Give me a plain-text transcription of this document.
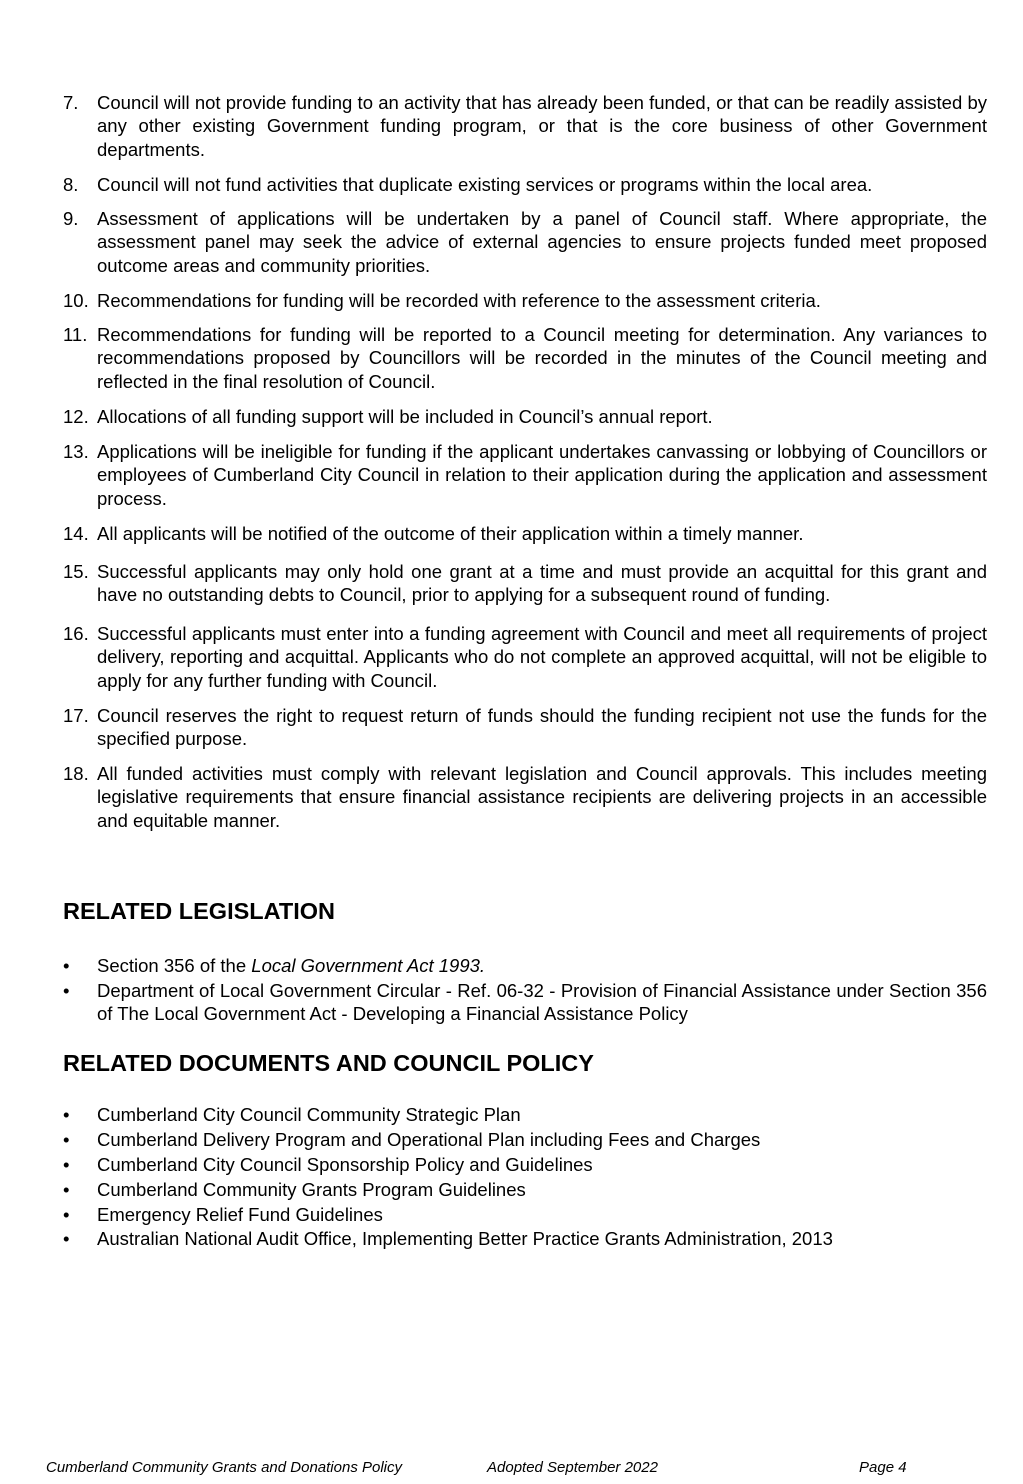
7. Council will not provide funding to an activity that has already been funded, or that can be readily assisted by any other existing Government funding program, or that is the core business of other Government departments.
8. Council will not fund activities that duplicate existing services or programs within the local area.
9. Assessment of applications will be undertaken by a panel of Council staff. Where appropriate, the assessment panel may seek the advice of external agencies to ensure projects funded meet proposed outcome areas and community priorities.
10. Recommendations for funding will be recorded with reference to the assessment criteria.
11. Recommendations for funding will be reported to a Council meeting for determination. Any variances to recommendations proposed by Councillors will be recorded in the minutes of the Council meeting and reflected in the final resolution of Council.
12. Allocations of all funding support will be included in Council’s annual report.
13. Applications will be ineligible for funding if the applicant undertakes canvassing or lobbying of Councillors or employees of Cumberland City Council in relation to their application during the application and assessment process.
14. All applicants will be notified of the outcome of their application within a timely manner.
15. Successful applicants may only hold one grant at a time and must provide an acquittal for this grant and have no outstanding debts to Council, prior to applying for a subsequent round of funding.
16. Successful applicants must enter into a funding agreement with Council and meet all requirements of project delivery, reporting and acquittal. Applicants who do not complete an approved acquittal, will not be eligible to apply for any further funding with Council.
17. Council reserves the right to request return of funds should the funding recipient not use the funds for the specified purpose.
18. All funded activities must comply with relevant legislation and Council approvals. This includes meeting legislative requirements that ensure financial assistance recipients are delivering projects in an accessible and equitable manner.
RELATED LEGISLATION
• Section 356 of the Local Government Act 1993.
• Department of Local Government Circular - Ref. 06-32 - Provision of Financial Assistance under Section 356 of The Local Government Act - Developing a Financial Assistance Policy
RELATED DOCUMENTS AND COUNCIL POLICY
• Cumberland City Council Community Strategic Plan
• Cumberland Delivery Program and Operational Plan including Fees and Charges
• Cumberland City Council Sponsorship Policy and Guidelines
• Cumberland Community Grants Program Guidelines
• Emergency Relief Fund Guidelines
• Australian National Audit Office, Implementing Better Practice Grants Administration, 2013
Cumberland Community Grants and Donations Policy	Adopted September 2022	Page 4
